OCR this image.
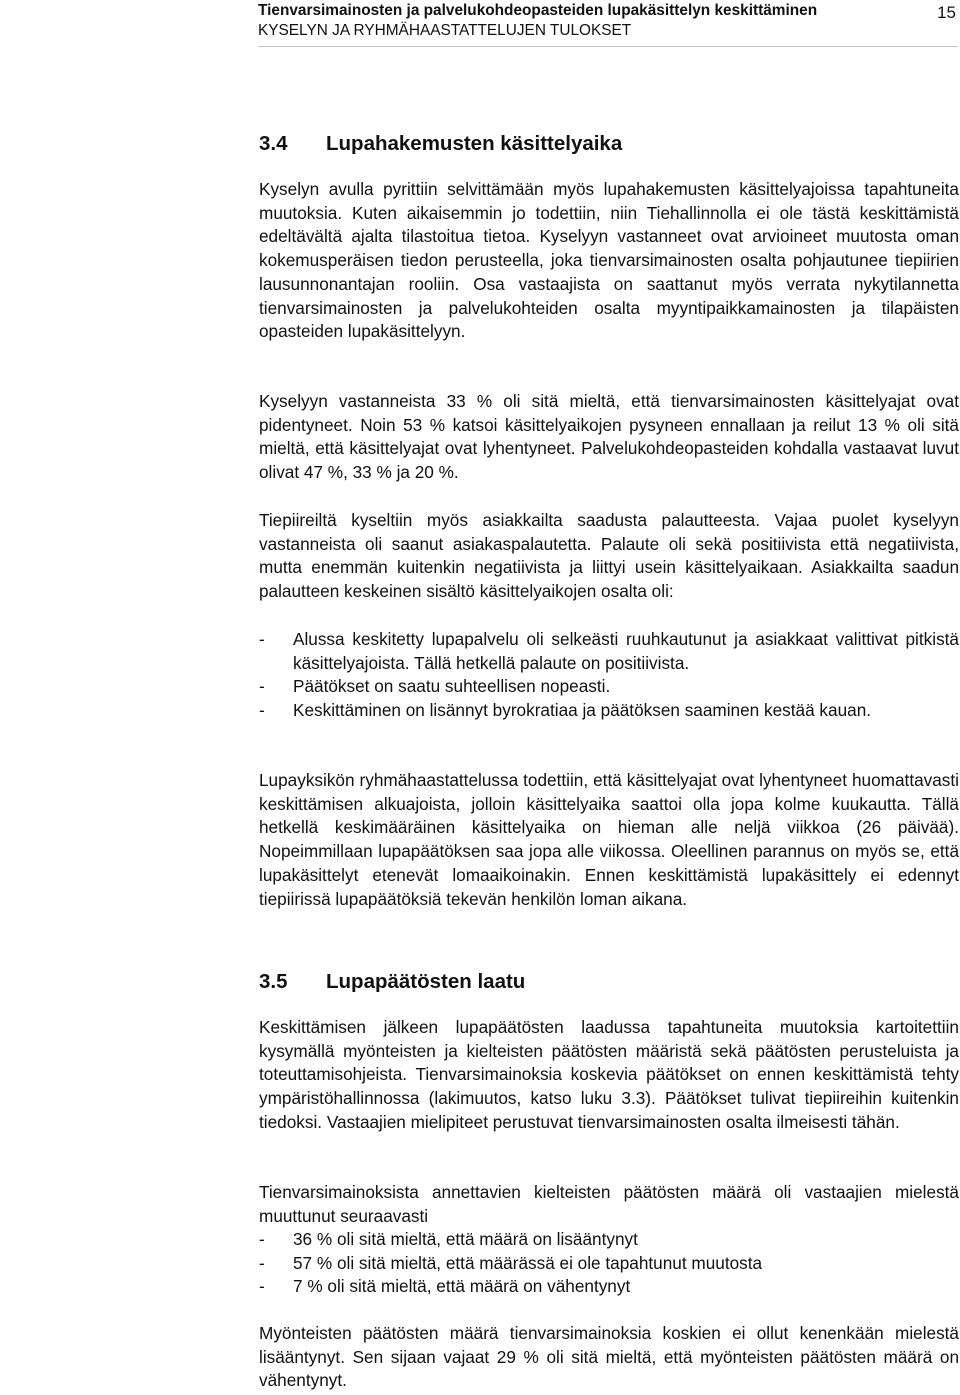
Tienvarsimainosten ja palvelukohdeopasteiden lupakäsittelyn keskittäminen
KYSELYN JA RYHMÄHAASTATTELUJEN TULOKSET
15
3.4 Lupahakemusten käsittelyaika

Kyselyn avulla pyrittiin selvittämään myös lupahakemusten käsittelyajoissa tapahtuneita muutoksia. Kuten aikaisemmin jo todettiin, niin Tiehallinnolla ei ole tästä keskittämistä edeltävältä ajalta tilastoitua tietoa. Kyselyyn vastanneet ovat arvioineet muutosta oman kokemusperäisen tiedon perusteella, joka tienvarsimainosten osalta pohjautunee tiepiirien lausunnonantajan rooliin. Osa vastaajista on saattanut myös verrata nykytilannetta tienvarsimainosten ja palvelukohteiden osalta myyntipaikkamainosten ja tilapäisten opasteiden lupakäsittelyyn.

Kyselyyn vastanneista 33 % oli sitä mieltä, että tienvarsimainosten käsittelyajat ovat pidentyneet. Noin 53 % katsoi käsittelyaikojen pysyneen ennallaan ja reilut 13 % oli sitä mieltä, että käsittelyajat ovat lyhentyneet. Palvelukohdeopasteiden kohdalla vastaavat luvut olivat 47 %, 33 % ja 20 %.

Tiepiireiltä kyseltiin myös asiakkailta saadusta palautteesta. Vajaa puolet kyselyyn vastanneista oli saanut asiakaspalautetta. Palaute oli sekä positiivista että negatiivista, mutta enemmän kuitenkin negatiivista ja liittyi usein käsittelyaikaan. Asiakkailta saadun palautteen keskeinen sisältö käsittelyaikojen osalta oli:

- Alussa keskitetty lupapalvelu oli selkeästi ruuhkautunut ja asiakkaat valittivat pitkistä käsittelyajoista. Tällä hetkellä palaute on positiivista.
- Päätökset on saatu suhteellisen nopeasti.
- Keskittäminen on lisännyt byrokratiaa ja päätöksen saaminen kestää kauan.

Lupayksikön ryhmähaastattelussa todettiin, että käsittelyajat ovat lyhentyneet huomattavasti keskittämisen alkuajoista, jolloin käsittelyaika saattoi olla jopa kolme kuukautta. Tällä hetkellä keskimääräinen käsittelyaika on hieman alle neljä viikkoa (26 päivää). Nopeimmillaan lupapäätöksen saa jopa alle viikossa. Oleellinen parannus on myös se, että lupakäsittelyt etenevät lomaaikoinakin. Ennen keskittämistä lupakäsittely ei edennyt tiepiirissä lupapäätöksiä tekevän henkilön loman aikana.

3.5 Lupapäätösten laatu

Keskittämisen jälkeen lupapäätösten laadussa tapahtuneita muutoksia kartoitettiin kysymällä myönteisten ja kielteisten päätösten määristä sekä päätösten perusteluista ja toteuttamisohjeista. Tienvarsimainoksia koskevia päätökset on ennen keskittämistä tehty ympäristöhallinnossa (lakimuutos, katso luku 3.3). Päätökset tulivat tiepiireihin kuitenkin tiedoksi. Vastaajien mielipiteet perustuvat tienvarsimainosten osalta ilmeisesti tähän.

Tienvarsimainoksista annettavien kielteisten päätösten määrä oli vastaajien mielestä muuttunut seuraavasti

- 36 % oli sitä mieltä, että määrä on lisääntynyt
- 57 % oli sitä mieltä, että määrässä ei ole tapahtunut muutosta
- 7 % oli sitä mieltä, että määrä on vähentynyt

Myönteisten päätösten määrä tienvarsimainoksia koskien ei ollut kenenkään mielestä lisääntynyt. Sen sijaan vajaat 29 % oli sitä mieltä, että myönteisten päätösten määrä on vähentynyt.
